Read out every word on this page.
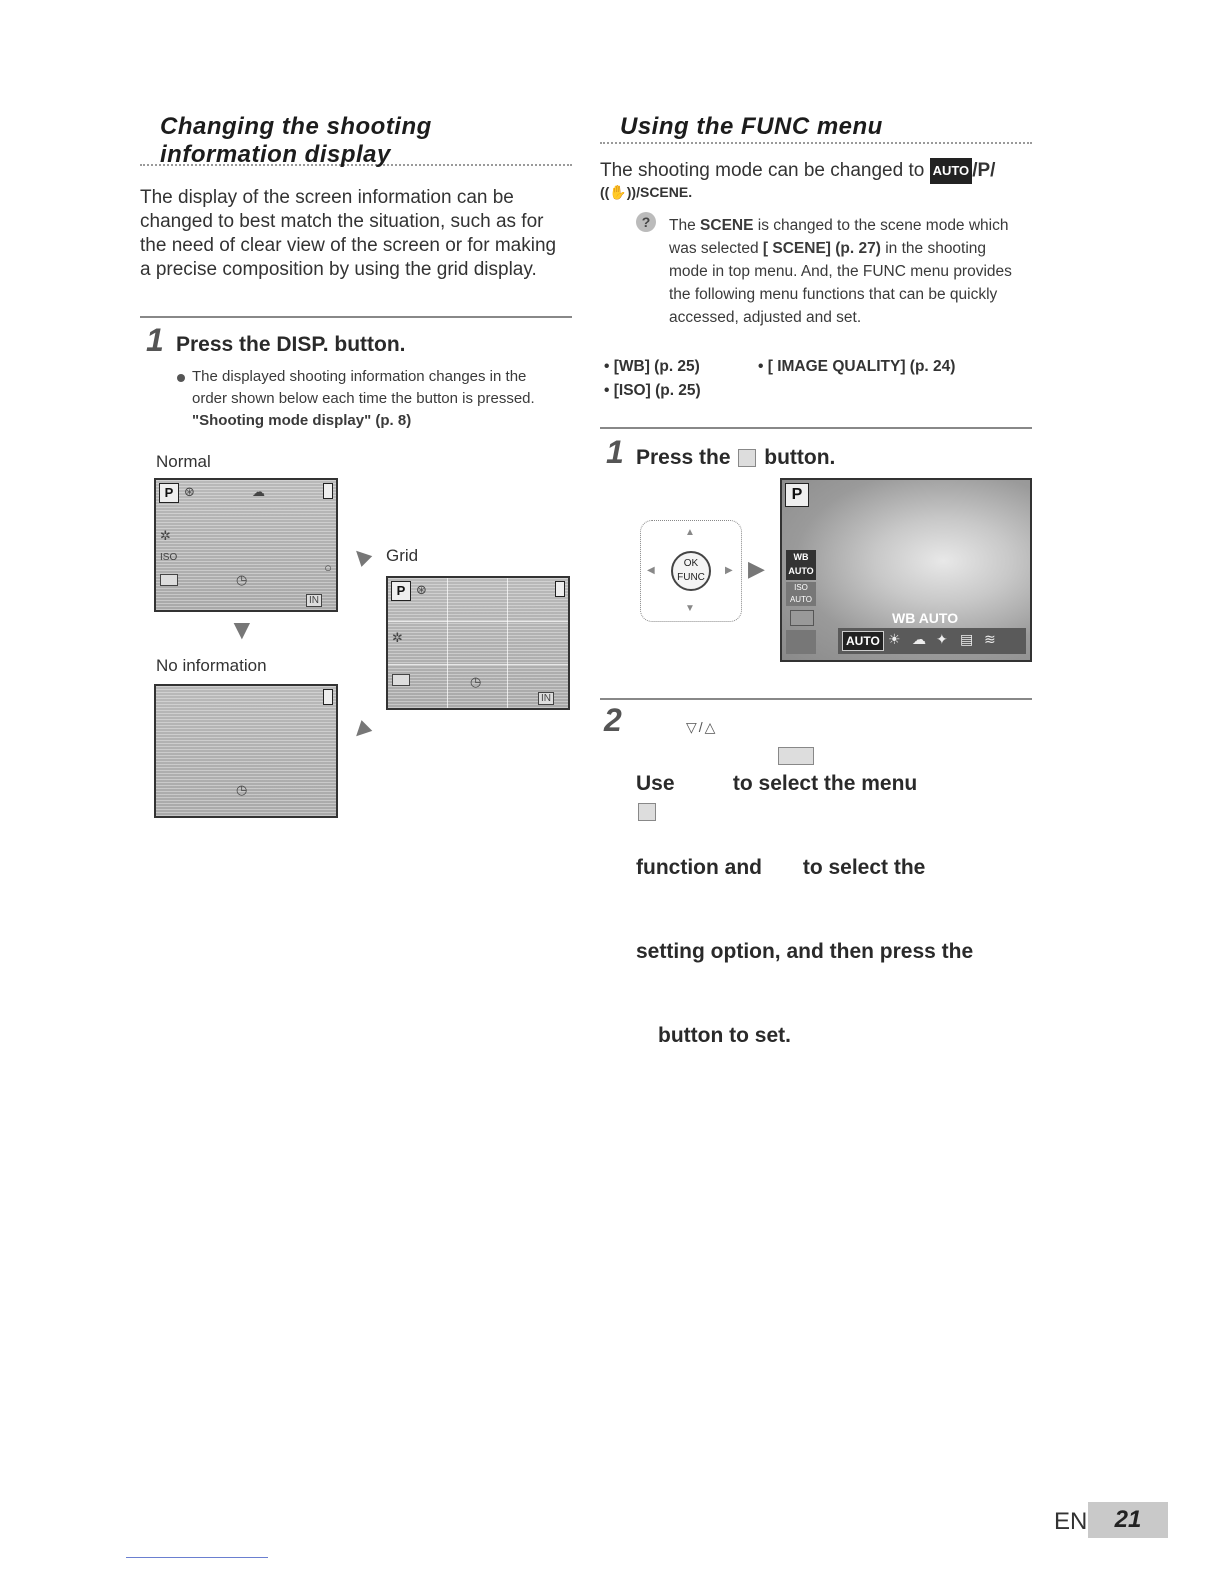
Changing the shooting
information display
The display of the screen information can be changed to best match the situation, such as for the need of clear view of the screen or for making a precise composition by using the grid display.
1 Press the DISP. button.
The displayed shooting information changes in the order shown below each time the button is pressed. "Shooting mode display" (p. 8)
Normal
P ⊛	☁
✲
ISO
◷
○
IN
▼
No information
◷
▲ Grid
▲
P ⊛
✲
◷
IN
Using the FUNC menu
The shooting mode can be changed to AUTO /P/
((✋))/SCENE.
?	The SCENE is changed to the scene mode which was selected [ SCENE] (p. 27) in the shooting mode in top menu. And, the FUNC menu provides the following menu functions that can be quickly accessed, adjusted and set.
• [WB] (p. 25)	• [ IMAGE QUALITY] (p. 24)
• [ISO] (p. 25)
1 Press the button.
OK
FUNC
▲
▼
◀	▶ ▶
P
WB AUTO
ISO AUTO
WB AUTO
AUTO ☀ ☁ ✦ ▤ ≋
2

Use          to select the menu

function and       to select the

setting option, and then press the

button to set.

▽/△
EN	21
